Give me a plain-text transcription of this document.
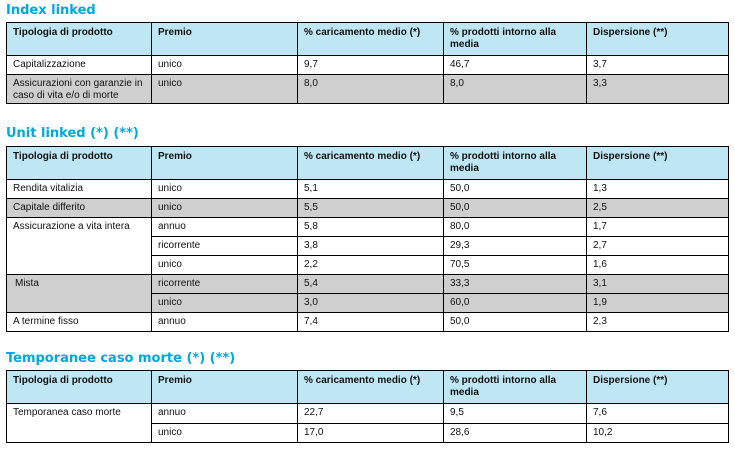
Index linked
Tipologia di prodotto	Premio	% caricamento medio (*)	% prodotti intorno alla media	Dispersione (**)
Capitalizzazione	unico	9,7	46,7	3,7
Assicurazioni con garanzie in caso di vita e/o di morte	unico	8,0	8,0	3,3
Unit linked (*) (**)
Tipologia di prodotto	Premio	% caricamento medio (*)	% prodotti intorno alla media	Dispersione (**)
Rendita vitalizia	unico	5,1	50,0	1,3
Capitale differito	unico	5,5	50,0	2,5
Assicurazione a vita intera	annuo	5,8	80,0	1,7
	ricorrente	3,8	29,3	2,7
	unico	2,2	70,5	1,6
Mista	ricorrente	5,4	33,3	3,1
	unico	3,0	60,0	1,9
A termine fisso	annuo	7,4	50,0	2,3
Temporanee caso morte (*) (**)
Tipologia di prodotto	Premio	% caricamento medio (*)	% prodotti intorno alla media	Dispersione (**)
Temporanea caso morte	annuo	22,7	9,5	7,6
	unico	17,0	28,6	10,2
